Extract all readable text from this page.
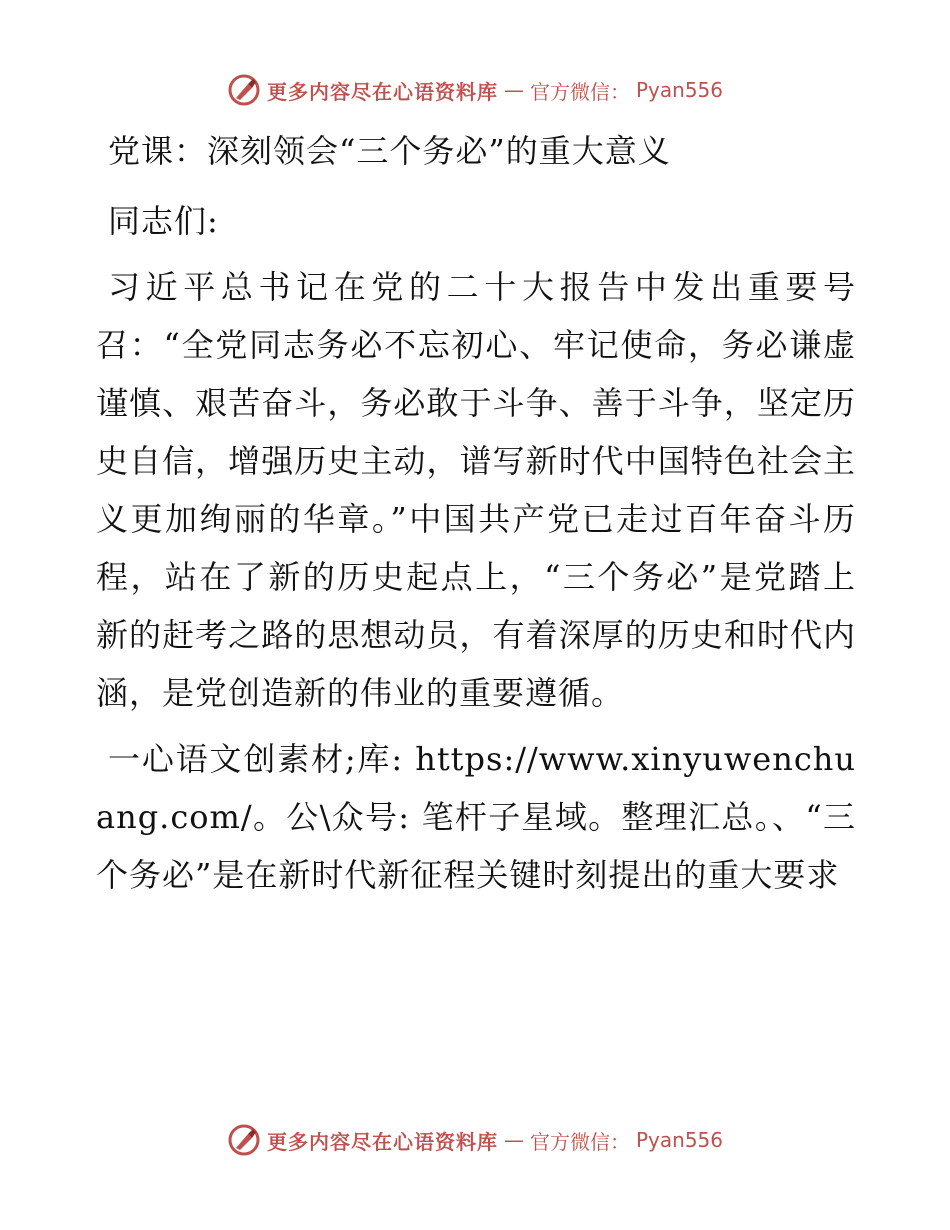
更多内容尽在心语资料库 — 官方微信： Pyan556

党课：深刻领会“三个务必”的重大意义

同志们:

习近平总书记在党的二十大报告中发出重要号召：“全党同志务必不忘初心、牢记使命，务必谦虚谨慎、艰苦奋斗，务必敢于斗争、善于斗争，坚定历史自信，增强历史主动，谱写新时代中国特色社会主义更加绚丽的华章。”中国共产党已走过百年奋斗历程，站在了新的历史起点上，“三个务必”是党踏上新的赶考之路的思想动员，有着深厚的历史和时代内涵，是党创造新的伟业的重要遵循。

一心语文创素材;库: https://www.xinyuwenchuang.com/。公\众号: 笔杆子星域。整理汇总。、“三个务必”是在新时代新征程关键时刻提出的重大要求

更多内容尽在心语资料库 — 官方微信： Pyan556
